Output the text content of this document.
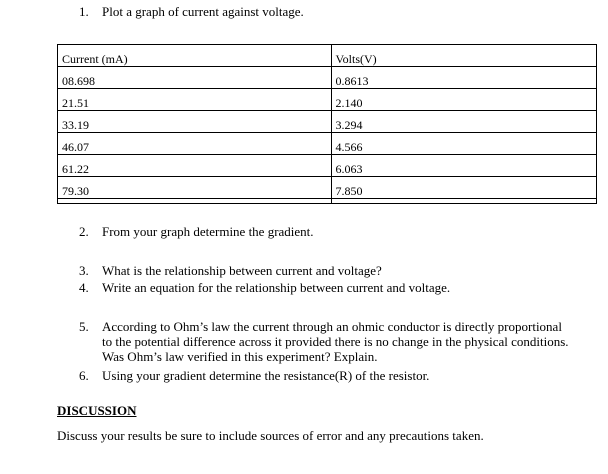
1. Plot a graph of current against voltage.
Current (mA)	Volts(V)
08.698	0.8613
21.51	2.140
33.19	3.294
46.07	4.566
61.22	6.063
79.30	7.850

2. From your graph determine the gradient.
3. What is the relationship between current and voltage?
4. Write an equation for the relationship between current and voltage.
5. According to Ohm’s law the current through an ohmic conductor is directly proportional to the potential difference across it provided there is no change in the physical conditions. Was Ohm’s law verified in this experiment? Explain.
6. Using your gradient determine the resistance(R) of the resistor.
DISCUSSION
Discuss your results be sure to include sources of error and any precautions taken.
